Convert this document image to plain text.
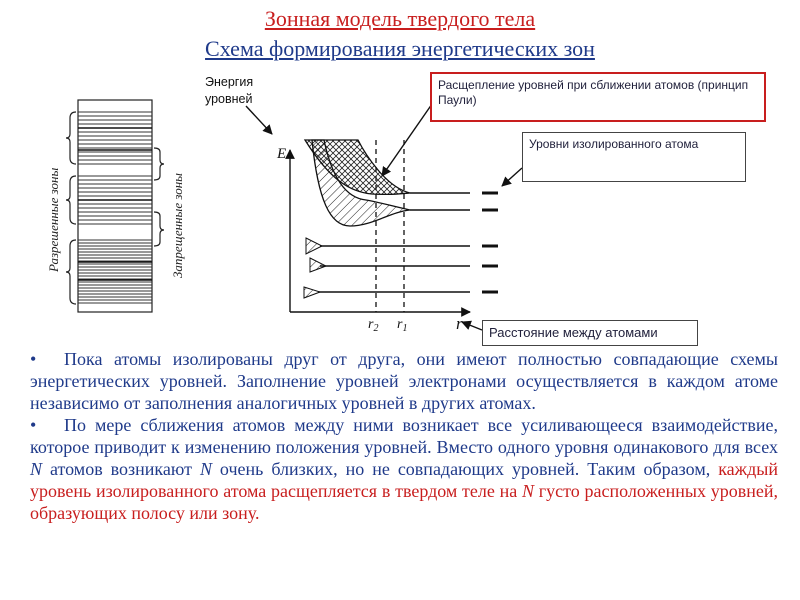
Зонная модель твердого тела
Схема формирования энергетических зон
Разрешенные зоны	Запрещенные зоны
E
r
$r_2$ $r_1$
Энергия
уровней
Расщепление уровней при сближении атомов (принцип Паули)
Уровни изолированного атома
Расстояние между атомами

• Пока атомы изолированы друг от друга, они имеют полностью совпадающие схемы энергетических уровней. Заполнение уровней электронами осуществляется в каждом атоме независимо от заполнения аналогичных уровней в других атомах.

• По мере сближения атомов между ними возникает все усиливающееся взаимодействие, которое приводит к изменению положения уровней. Вместо одного уровня одинакового для всех N атомов возникают N очень близких, но не совпадающих уровней. Таким образом, каждый уровень изолированного атома расщепляется в твердом теле на N густо расположенных уровней, образующих полосу или зону.
